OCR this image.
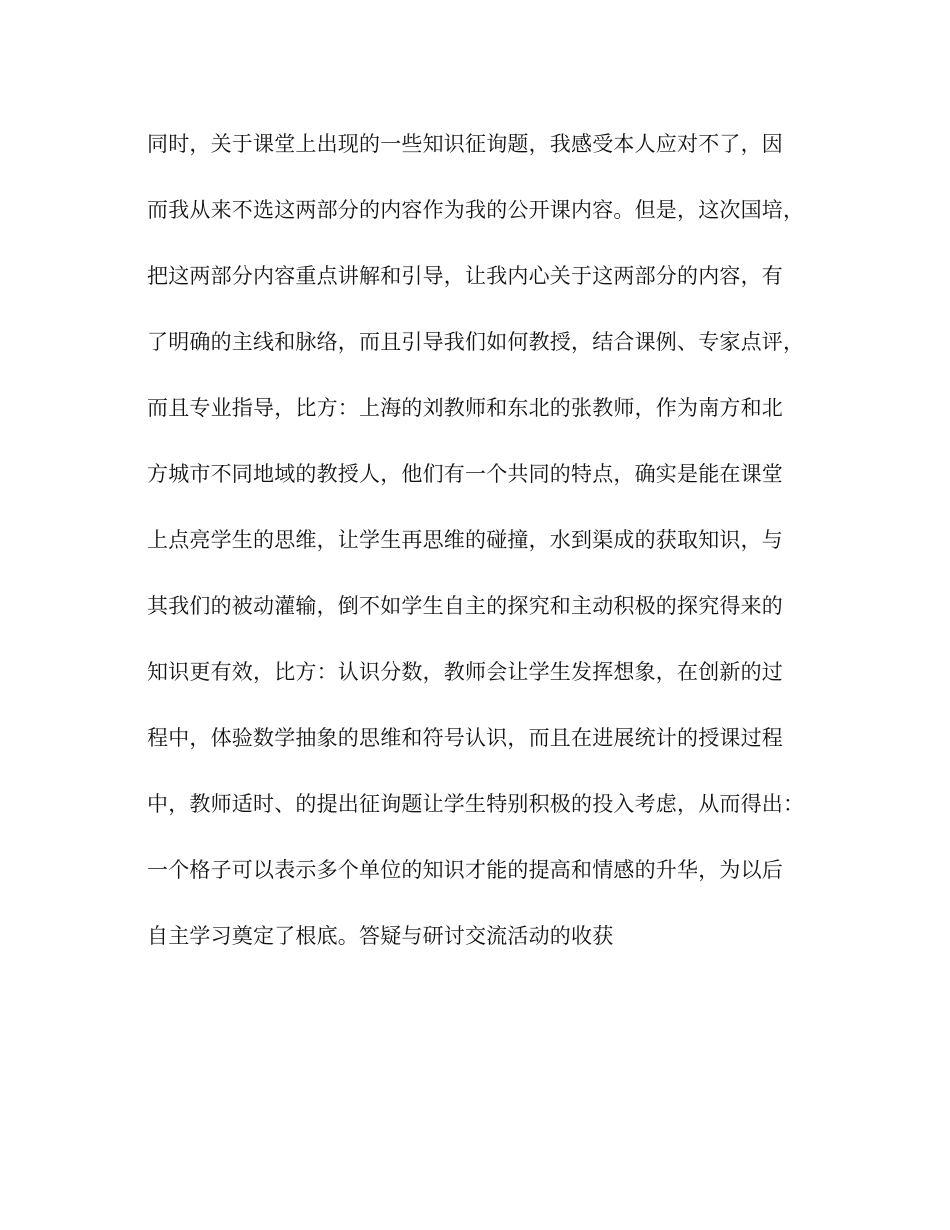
同时，关于课堂上出现的一些知识征询题，我感受本人应对不了，因
而我从来不选这两部分的内容作为我的公开课内容。但是，这次国培，
把这两部分内容重点讲解和引导，让我内心关于这两部分的内容，有
了明确的主线和脉络，而且引导我们如何教授，结合课例、专家点评，
而且专业指导，比方：上海的刘教师和东北的张教师，作为南方和北
方城市不同地域的教授人，他们有一个共同的特点，确实是能在课堂
上点亮学生的思维，让学生再思维的碰撞，水到渠成的获取知识，与
其我们的被动灌输，倒不如学生自主的探究和主动积极的探究得来的
知识更有效，比方：认识分数，教师会让学生发挥想象，在创新的过
程中，体验数学抽象的思维和符号认识，而且在进展统计的授课过程
中，教师适时、的提出征询题让学生特别积极的投入考虑，从而得出：
一个格子可以表示多个单位的知识才能的提高和情感的升华，为以后
自主学习奠定了根底。答疑与研讨交流活动的收获
